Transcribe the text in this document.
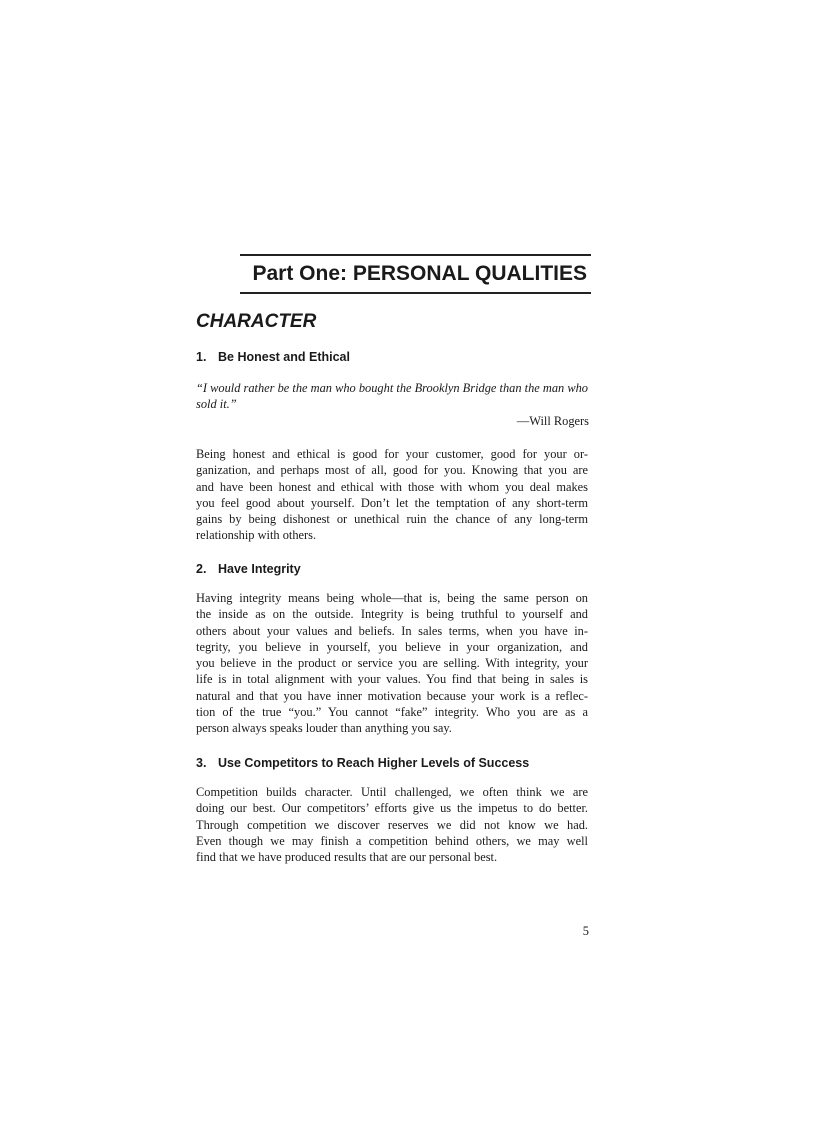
Part One: PERSONAL QUALITIES
CHARACTER
1. Be Honest and Ethical
“I would rather be the man who bought the Brooklyn Bridge than the man who sold it.”
—Will Rogers
Being honest and ethical is good for your customer, good for your or-
ganization, and perhaps most of all, good for you. Knowing that you are
and have been honest and ethical with those with whom you deal makes
you feel good about yourself. Don’t let the temptation of any short-term
gains by being dishonest or unethical ruin the chance of any long-term
relationship with others.
2. Have Integrity
Having integrity means being whole—that is, being the same person on
the inside as on the outside. Integrity is being truthful to yourself and
others about your values and beliefs. In sales terms, when you have in-
tegrity, you believe in yourself, you believe in your organization, and
you believe in the product or service you are selling. With integrity, your
life is in total alignment with your values. You find that being in sales is
natural and that you have inner motivation because your work is a reflec-
tion of the true “you.” You cannot “fake” integrity. Who you are as a
person always speaks louder than anything you say.
3. Use Competitors to Reach Higher Levels of Success
Competition builds character. Until challenged, we often think we are
doing our best. Our competitors’ efforts give us the impetus to do better.
Through competition we discover reserves we did not know we had.
Even though we may finish a competition behind others, we may well
find that we have produced results that are our personal best.
5
